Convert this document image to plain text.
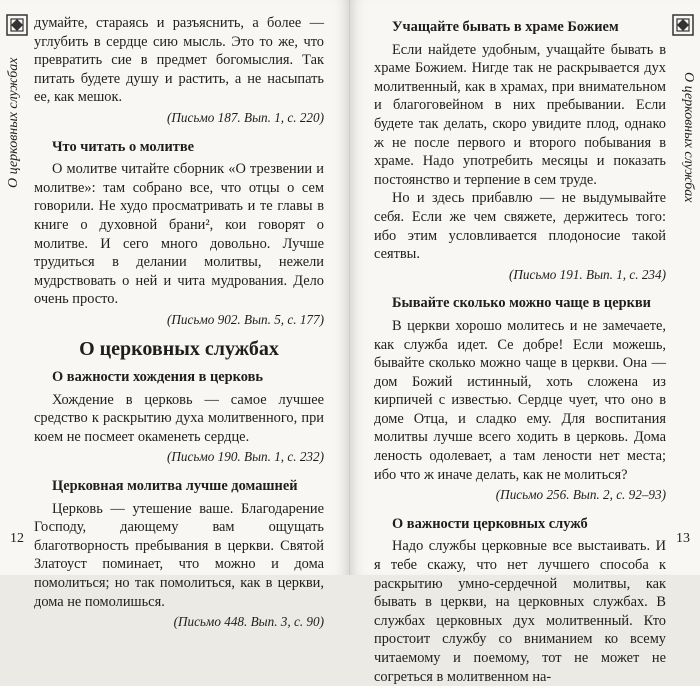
О церковных службах

думайте, стараясь и разъяснить, а более — углубить в сердце сию мысль. Это то же, что превратить сие в предмет богомыслия. Так питать будете душу и растить, а не насыпать ее, как мешок.

(Письмо 187. Вып. 1, с. 220)
Что читать о молитве

О молитве читайте сборник «О трезвении и молитве»: там собрано все, что отцы о сем говорили. Не худо просматривать и те главы в книге о духовной брани², кои говорят о молитве. И сего много довольно. Лучше трудиться в делании молитвы, нежели мудрствовать о ней и чита мудрования. Дело очень просто.

(Письмо 902. Вып. 5, с. 177)
О церковных службах
О важности хождения в церковь

Хождение в церковь — самое лучшее средство к раскрытию духа молитвенного, при коем не посмеет окаменеть сердце.

(Письмо 190. Вып. 1, с. 232)
Церковная молитва лучше домашней

Церковь — утешение ваше. Благодарение Господу, дающему вам ощущать благотворность пребывания в церкви. Святой Златоуст поминает, что можно и дома помолиться; но так помолиться, как в церкви, дома не помолишься.

(Письмо 448. Вып. 3, с. 90)
12
О церковных службах
Учащайте бывать в храме Божием

Если найдете удобным, учащайте бывать в храме Божием. Нигде так не раскрывается дух молитвенный, как в храмах, при внимательном и благоговейном в них пребывании. Если будете так делать, скоро увидите плод, однако ж не после первого и второго побывания в храме. Надо употребить месяцы и показать постоянство и терпение в сем труде.

Но и здесь прибавлю — не выдумывайте себя. Если же чем свяжете, держитесь того: ибо этим условливается плодоносие такой сеятвы.

(Письмо 191. Вып. 1, с. 234)
Бывайте сколько можно чаще в церкви

В церкви хорошо молитесь и не замечаете, как служба идет. Се добре! Если можешь, бывайте сколько можно чаще в церкви. Она — дом Божий истинный, хоть сложена из кирпичей с известью. Сердце чует, что оно в доме Отца, и сладко ему. Для воспитания молитвы лучше всего ходить в церковь. Дома леность одолевает, а там лености нет места; ибо что ж иначе делать, как не молиться?

(Письмо 256. Вып. 2, с. 92–93)
О важности церковных служб

Надо службы церковные все выстаивать. И я тебе скажу, что нет лучшего способа к раскрытию умно-сердечной молитвы, как бывать в церкви, на церковных службах. В службах церковных дух молитвенный. Кто простоит службу со вниманием ко всему читаемому и поемому, тот не может не согреться в молитвенном на-

13
